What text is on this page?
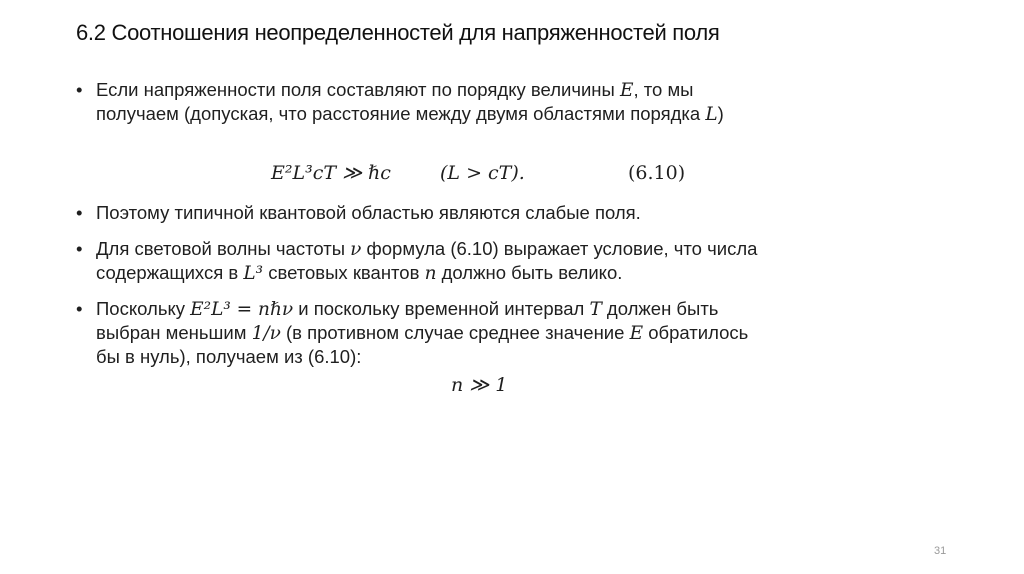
6.2 Соотношения неопределенностей для напряженностей поля
• Если напряженности поля составляют по порядку величины E, то мы
получаем (допуская, что расстояние между двумя областями порядка L)
E²L³cT ≫ ℏc	(L > cT).	(6.10)
• Поэтому типичной квантовой областью являются слабые поля.
• Для световой волны частоты ν формула (6.10) выражает условие, что числа
содержащихся в L³ световых квантов n должно быть велико.
• Поскольку E²L³ = nℏν и поскольку временной интервал T должен быть
выбран меньшим 1/ν (в противном случае среднее значение E обратилось
бы в нуль), получаем из (6.10):
n ≫ 1
31
